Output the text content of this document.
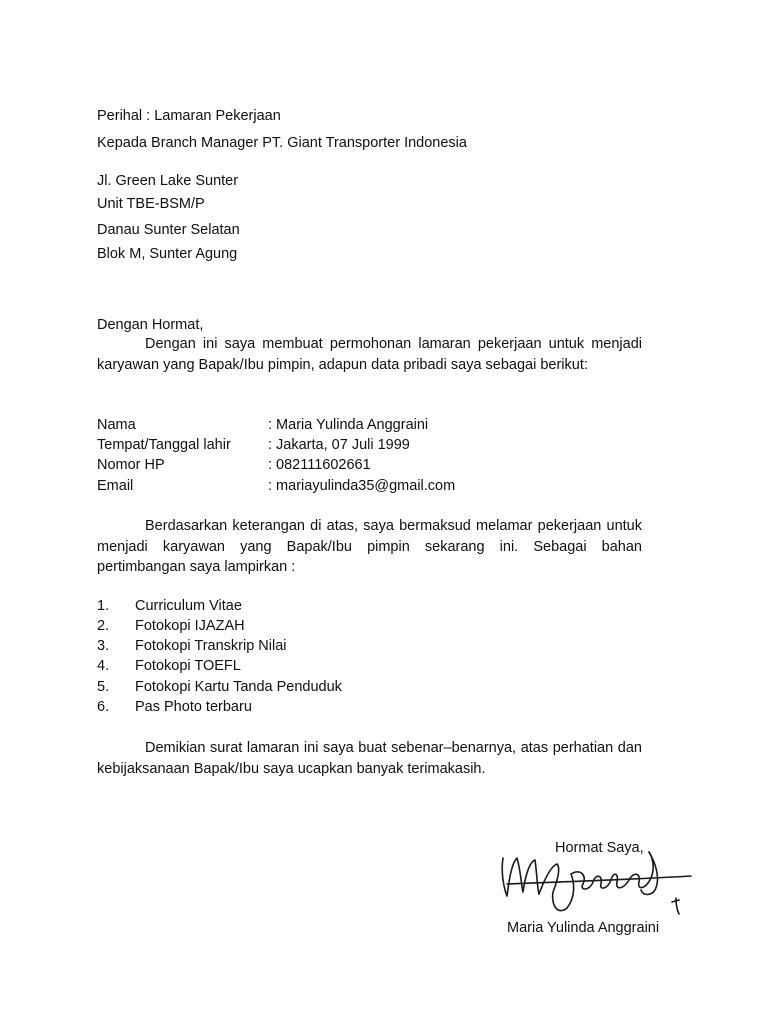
Perihal : Lamaran Pekerjaan
Kepada Branch Manager PT. Giant Transporter Indonesia
Jl. Green Lake Sunter
Unit TBE-BSM/P
Danau Sunter Selatan
Blok M, Sunter Agung
Dengan Hormat,
Dengan ini saya membuat permohonan lamaran pekerjaan untuk menjadi karyawan yang Bapak/Ibu pimpin, adapun data pribadi saya sebagai berikut:
Nama	: Maria Yulinda Anggraini
Tempat/Tanggal lahir	: Jakarta, 07 Juli 1999
Nomor HP	: 082111602661
Email	: mariayulinda35@gmail.com
Berdasarkan keterangan di atas, saya bermaksud melamar pekerjaan untuk menjadi karyawan yang Bapak/Ibu pimpin sekarang ini. Sebagai bahan pertimbangan saya lampirkan :
1. Curriculum Vitae
2. Fotokopi IJAZAH
3. Fotokopi Transkrip Nilai
4. Fotokopi TOEFL
5. Fotokopi Kartu Tanda Penduduk
6. Pas Photo terbaru
Demikian surat lamaran ini saya buat sebenar–benarnya, atas perhatian dan kebijaksanaan Bapak/Ibu saya ucapkan banyak terimakasih.
Hormat Saya,
Maria Yulinda Anggraini
